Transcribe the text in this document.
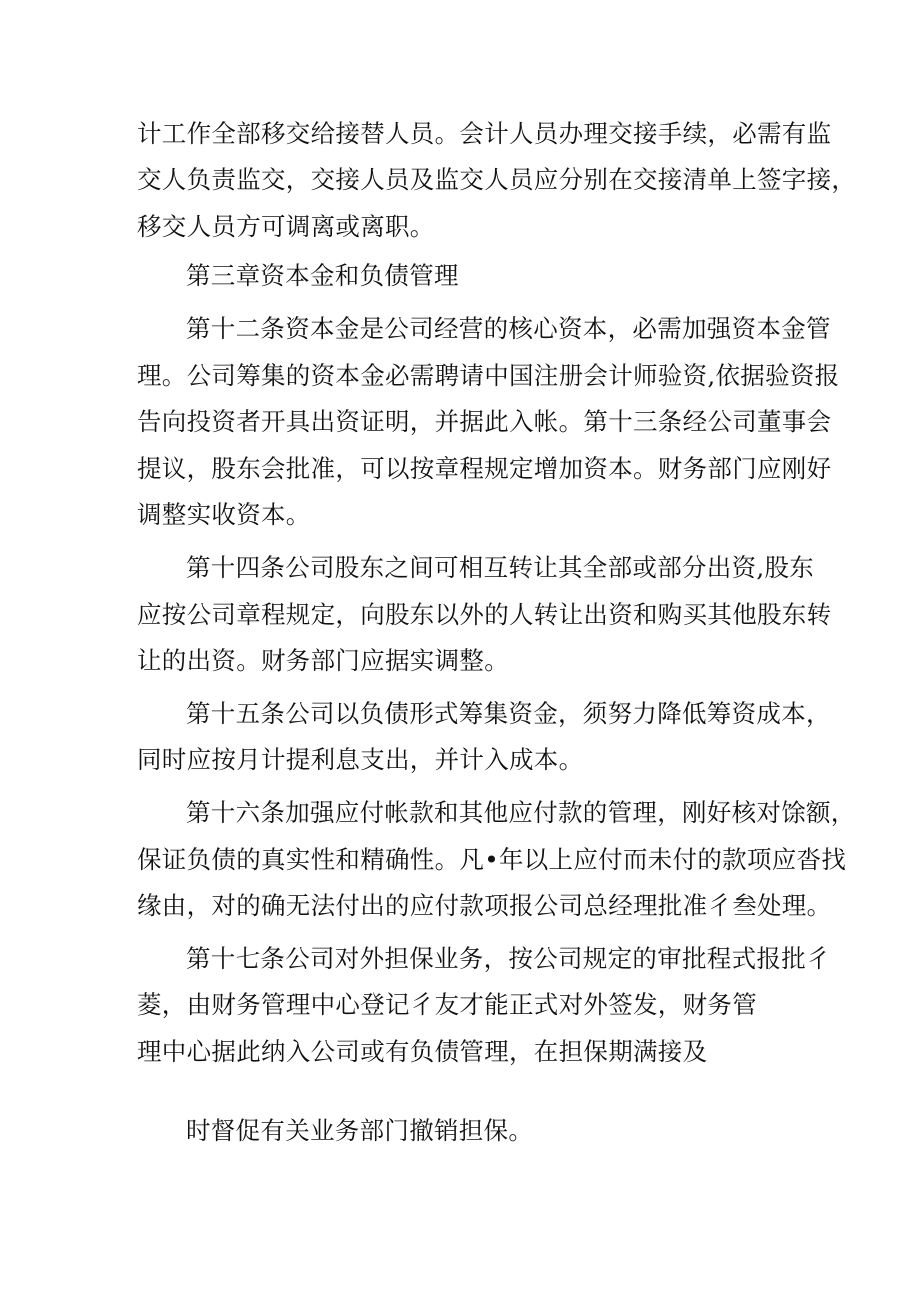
计工作全部移交给接替人员。会计人员办理交接手续，必需有监
交人负责监交，交接人员及监交人员应分别在交接清单上签字接，
移交人员方可调离或离职。
第三章资本金和负债管理
第十二条资本金是公司经营的核心资本，必需加强资本金管
理。公司筹集的资本金必需聘请中国注册会计师验资,依据验资报
告向投资者开具出资证明，并据此入帐。第十三条经公司董事会
提议，股东会批准，可以按章程规定增加资本。财务部门应刚好
调整实收资本。
第十四条公司股东之间可相互转让其全部或部分出资,股东
应按公司章程规定，向股东以外的人转让出资和购买其他股东转
让的出资。财务部门应据实调整。
第十五条公司以负债形式筹集资金，须努力降低筹资成本，
同时应按月计提利息支出，并计入成本。
第十六条加强应付帐款和其他应付款的管理，刚好核对馀额，
保证负债的真实性和精确性。凡•年以上应付而未付的款项应沓找
缘由，对的确无法付出的应付款项报公司总经理批准彳叁处理。
第十七条公司对外担保业务，按公司规定的审批程式报批彳
菱，由财务管理中心登记彳友才能正式对外签发，财务管
理中心据此纳入公司或有负债管理，在担保期满接及
时督促有关业务部门撤销担保。
